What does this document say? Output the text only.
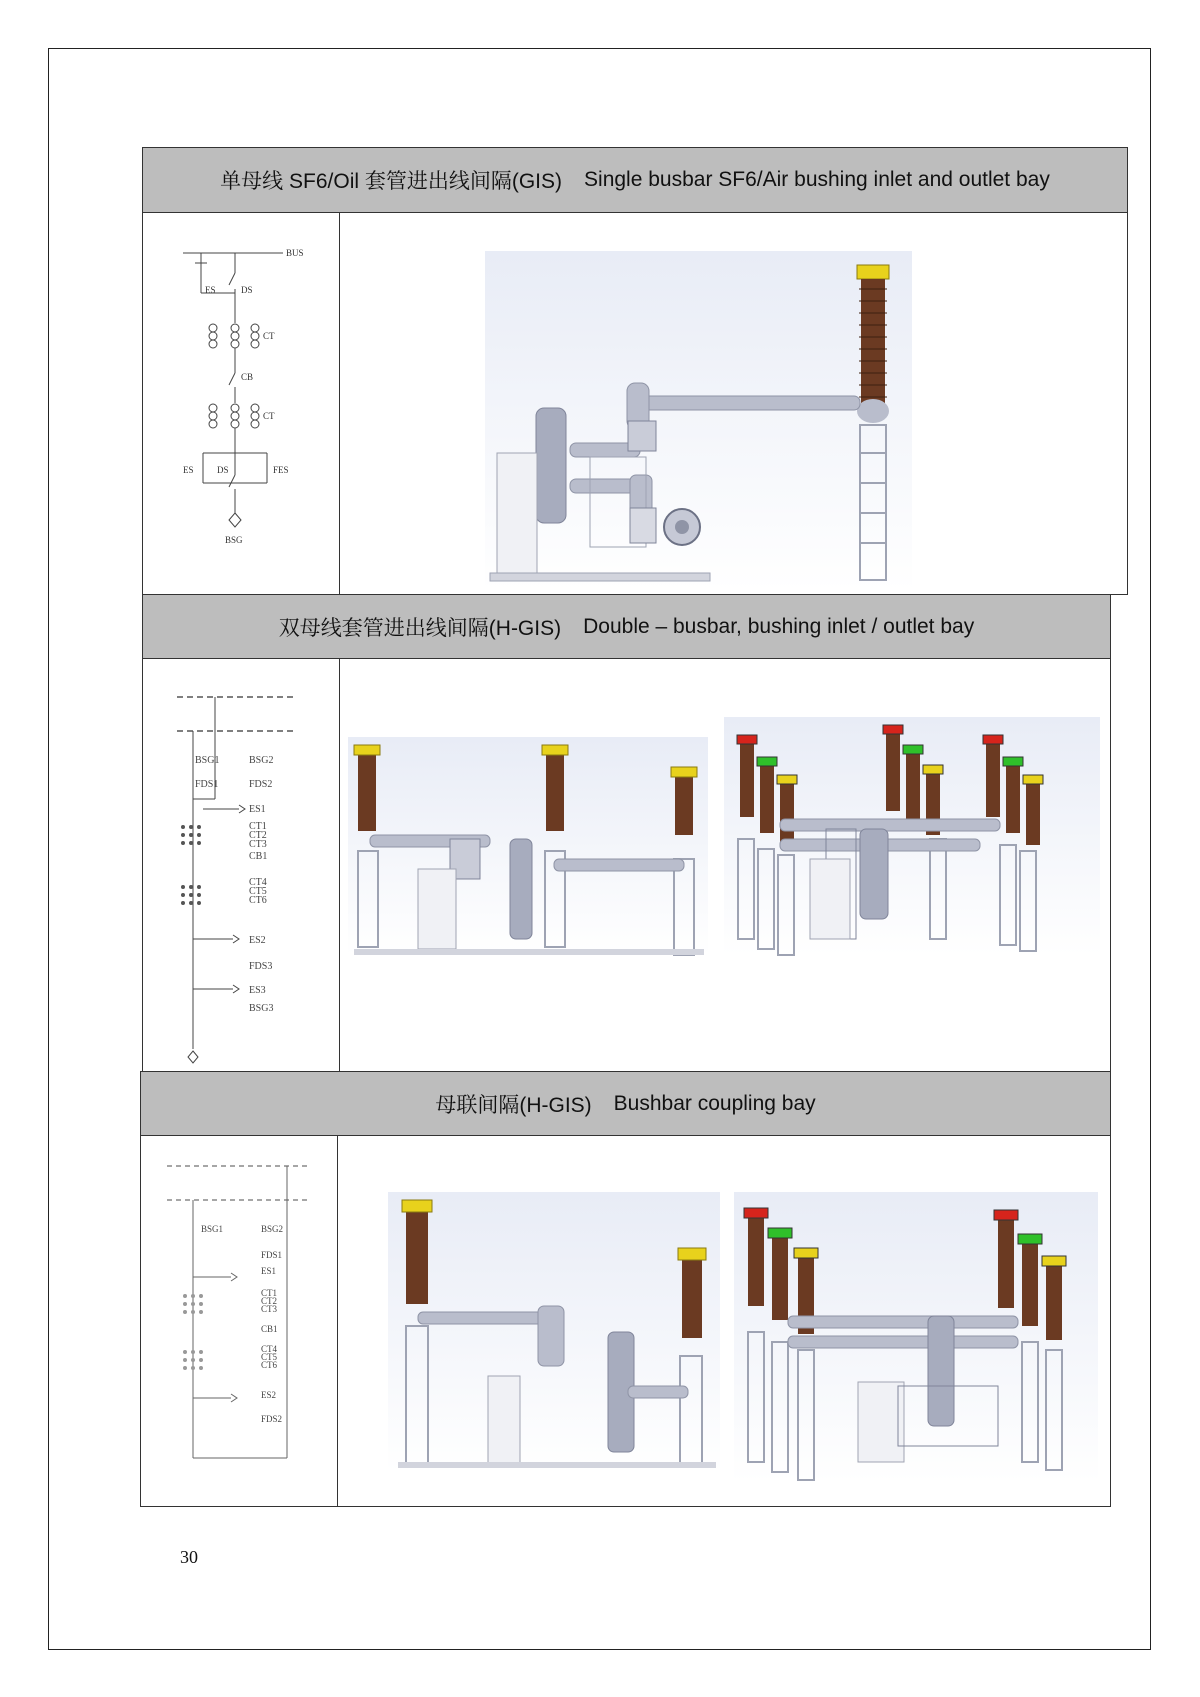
单母线 SF6/Oil 套管进出线间隔(GIS) Single busbar SF6/Air bushing inlet and outlet bay
BUS
ES	DS
CT
CB
CT
ES	DS	FES
BSG
双母线套管进出线间隔(H-GIS) Double – busbar, bushing inlet / outlet bay
BSG1	BSG2
FDS1	FDS2
ES1
CT1
CT2
CT3
CB1
CT4
CT5
CT6
ES2
FDS3
ES3
BSG3
母联间隔(H-GIS) Bushbar coupling bay
BSG1	BSG2
FDS1
ES1
CT1
CT2
CT3
CB1
CT4
CT5
CT6
ES2
FDS2
30
